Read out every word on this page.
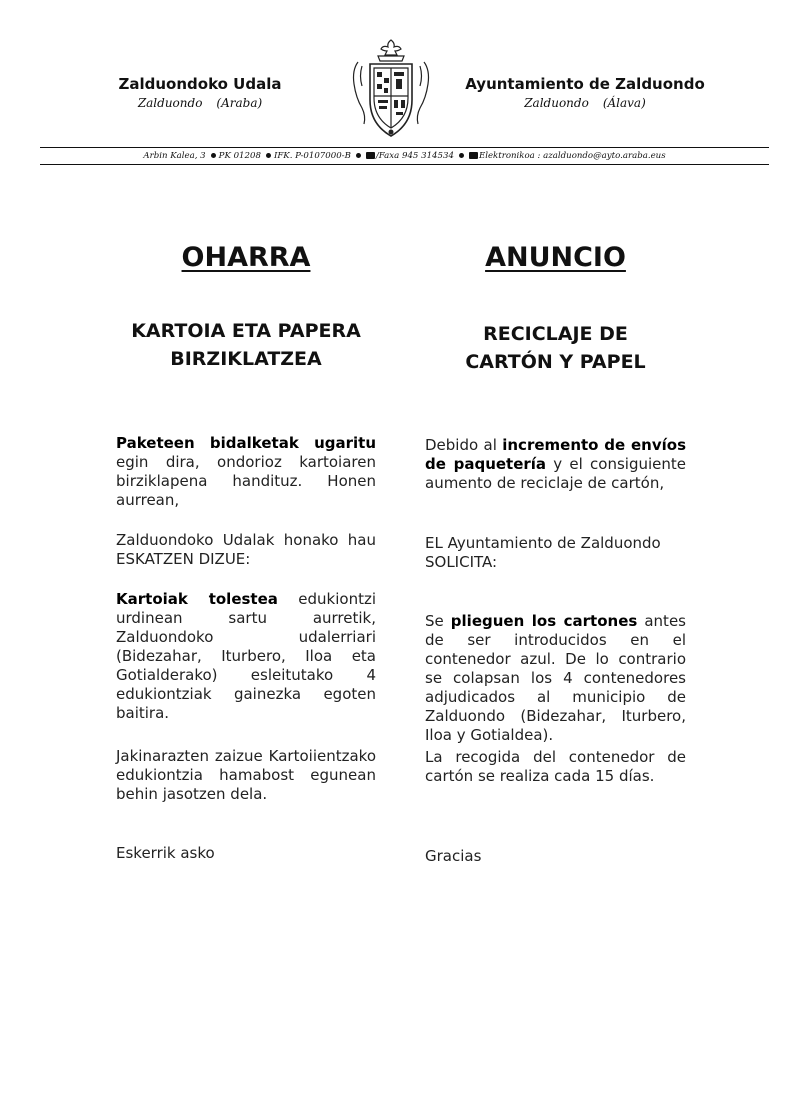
Zalduondoko Udala
Zalduondo (Araba)
Ayuntamiento de Zalduondo
Zalduondo (Álava)
Arbin Kalea, 3 PK 01208 IFK. P-0107000-B	/Faxa 945 314534	Elektronikoa : azalduondo@ayto.araba.eus
OHARRA	ANUNCIO
KARTOIA ETA PAPERA BIRZIKLATZEA
RECICLAJE DE
CARTÓN Y PAPEL
Paketeen bidalketak ugaritu egin dira, ondorioz kartoiaren birziklapena handituz. Honen aurrean,
Zalduondoko Udalak honako hau ESKATZEN DIZUE:
Kartoiak tolestea edukiontzi urdinean sartu aurretik, Zalduondoko udalerriari (Bidezahar, Iturbero, Iloa eta Gotialderako) esleitutako 4 edukiontziak gainezka egoten baitira.
Jakinarazten zaizue Kartoiientzako edukiontzia hamabost egunean behin jasotzen dela.
Eskerrik asko
Debido al incremento de envíos de paquetería y el consiguiente aumento de reciclaje de cartón,
EL Ayuntamiento de Zalduondo SOLICITA:
Se plieguen los cartones antes de ser introducidos en el contenedor azul. De lo contrario se colapsan los 4 contenedores adjudicados al municipio de Zalduondo (Bidezahar, Iturbero, Iloa y Gotialdea).
La recogida del contenedor de cartón se realiza cada 15 días.
Gracias
